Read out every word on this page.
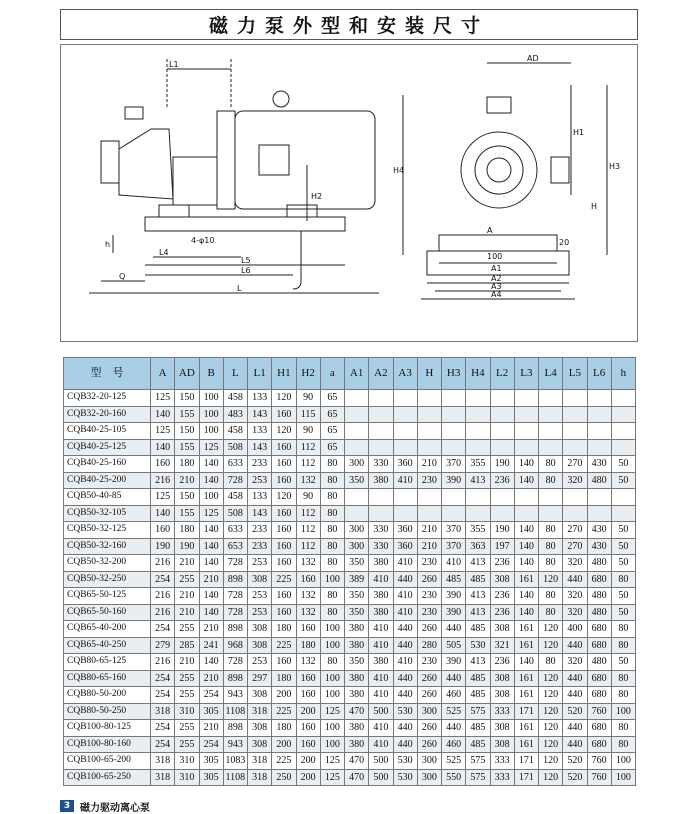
磁力泵外型和安装尺寸
L1
H2
H4
h
L4
L5
L6
Q
L
4-φ10
AD
H1
H3
H
A
A1
A2
A3
A4
100
20
型　号	A	AD	B	L	L1	H1	H2	a	A1	A2	A3	H	H3	H4	L2	L3	L4	L5	L6	h
CQB32-20-125	125	150	100	458	133	120	90	65												
CQB32-20-160	140	155	100	483	143	160	115	65												
CQB40-25-105	125	150	100	458	133	120	90	65												
CQB40-25-125	140	155	125	508	143	160	112	65												
CQB40-25-160	160	180	140	633	233	160	112	80	300	330	360	210	370	355	190	140	80	270	430	50
CQB40-25-200	216	210	140	728	253	160	132	80	350	380	410	230	390	413	236	140	80	320	480	50
CQB50-40-85	125	150	100	458	133	120	90	80												
CQB50-32-105	140	155	125	508	143	160	112	80												
CQB50-32-125	160	180	140	633	233	160	112	80	300	330	360	210	370	355	190	140	80	270	430	50
CQB50-32-160	190	190	140	653	233	160	112	80	300	330	360	210	370	363	197	140	80	270	430	50
CQB50-32-200	216	210	140	728	253	160	132	80	350	380	410	230	410	413	236	140	80	320	480	50
CQB50-32-250	254	255	210	898	308	225	160	100	389	410	440	260	485	485	308	161	120	440	680	80
CQB65-50-125	216	210	140	728	253	160	132	80	350	380	410	230	390	413	236	140	80	320	480	50
CQB65-50-160	216	210	140	728	253	160	132	80	350	380	410	230	390	413	236	140	80	320	480	50
CQB65-40-200	254	255	210	898	308	180	160	100	380	410	440	260	440	485	308	161	120	400	680	80
CQB65-40-250	279	285	241	968	308	225	180	100	380	410	440	280	505	530	321	161	120	440	680	80
CQB80-65-125	216	210	140	728	253	160	132	80	350	380	410	230	390	413	236	140	80	320	480	50
CQB80-65-160	254	255	210	898	297	180	160	100	380	410	440	260	440	485	308	161	120	440	680	80
CQB80-50-200	254	255	254	943	308	200	160	100	380	410	440	260	460	485	308	161	120	440	680	80
CQB80-50-250	318	310	305	1108	318	225	200	125	470	500	530	300	525	575	333	171	120	520	760	100
CQB100-80-125	254	255	210	898	308	180	160	100	380	410	440	260	440	485	308	161	120	440	680	80
CQB100-80-160	254	255	254	943	308	200	160	100	380	410	440	260	460	485	308	161	120	440	680	80
CQB100-65-200	318	310	305	1083	318	225	200	125	470	500	530	300	525	575	333	171	120	520	760	100
CQB100-65-250	318	310	305	1108	318	250	200	125	470	500	530	300	550	575	333	171	120	520	760	100
3 磁力驱动离心泵
